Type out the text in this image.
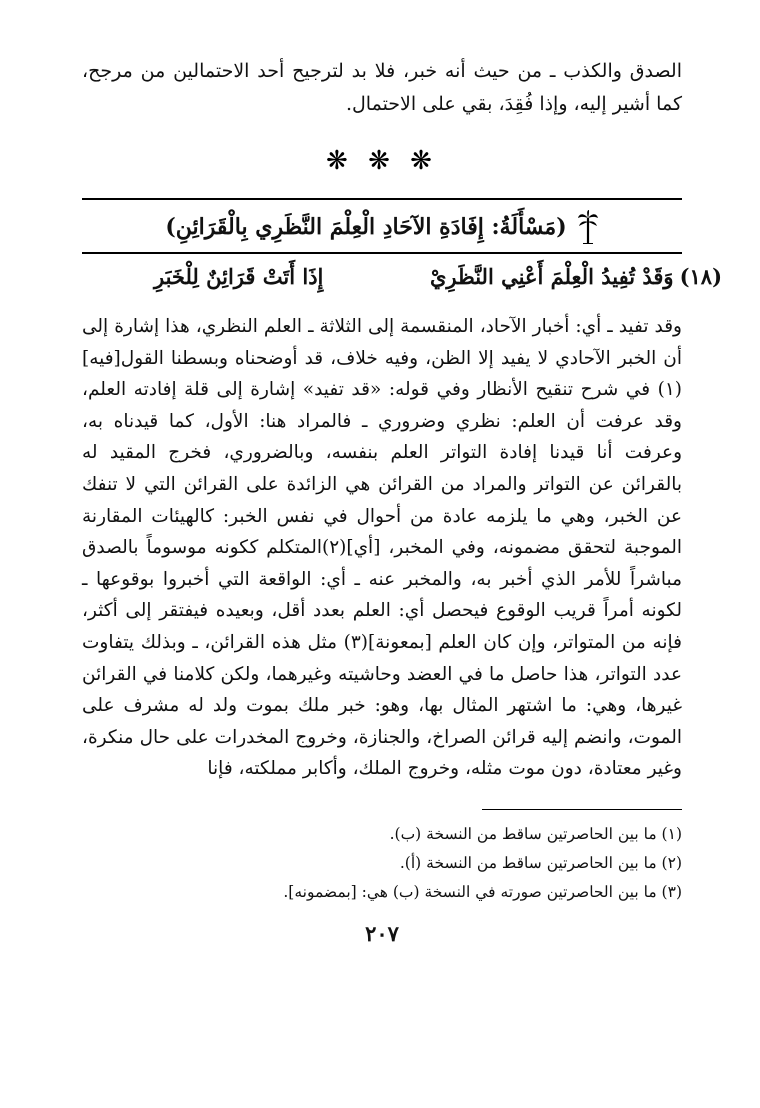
الصدق والكذب ـ من حيث أنه خبر، فلا بد لترجيح أحد الاحتمالين من مرجح، كما أشير إليه، وإذا فُقِدَ، بقي على الاحتمال.

❋ ❋ ❋
(مَسْأَلَةُ: إِفَادَةِ الآحَادِ الْعِلْمَ النَّظَرِي بِالْقَرَائِنِ)
(١٨)
وَقَدْ تُفِيدُ الْعِلْمَ أَعْنِي النَّظَرِيْ
إِذَا أَتَتْ قَرَائِنٌ لِلْخَبَرِ

وقد تفيد ـ أي: أخبار الآحاد، المنقسمة إلى الثلاثة ـ العلم النظري، هذا إشارة إلى أن الخبر الآحادي لا يفيد إلا الظن، وفيه خلاف، قد أوضحناه وبسطنا القول[فيه](١) في شرح تنقيح الأنظار وفي قوله: «قد تفيد» إشارة إلى قلة إفادته العلم، وقد عرفت أن العلم: نظري وضروري ـ فالمراد هنا: الأول، كما قيدناه به، وعرفت أنا قيدنا إفادة التواتر العلم بنفسه، وبالضروري، فخرج المقيد له بالقرائن عن التواتر والمراد من القرائن هي الزائدة على القرائن التي لا تنفك عن الخبر، وهي ما يلزمه عادة من أحوال في نفس الخبر: كالهيئات المقارنة الموجبة لتحقق مضمونه، وفي المخبر، [أي](٢)المتكلم ككونه موسوماً بالصدق مباشراً للأمر الذي أخبر به، والمخبر عنه ـ أي: الواقعة التي أخبروا بوقوعها ـ لكونه أمراً قريب الوقوع فيحصل أي: العلم بعدد أقل، وبعيده فيفتقر إلى أكثر، فإنه من المتواتر، وإن كان العلم [بمعونة](٣) مثل هذه القرائن، ـ وبذلك يتفاوت عدد التواتر، هذا حاصل ما في العضد وحاشيته وغيرهما، ولكن كلامنا في القرائن غيرها، وهي: ما اشتهر المثال بها، وهو: خبر ملك بموت ولد له مشرف على الموت، وانضم إليه قرائن الصراخ، والجنازة، وخروج المخدرات على حال منكرة، وغير معتادة، دون موت مثله، وخروج الملك، وأكابر مملكته، فإنا

(١) ما بين الحاصرتين ساقط من النسخة (ب).

(٢) ما بين الحاصرتين ساقط من النسخة (أ).

(٣) ما بين الحاصرتين صورته في النسخة (ب) هي: [بمضمونه].

٢٠٧
